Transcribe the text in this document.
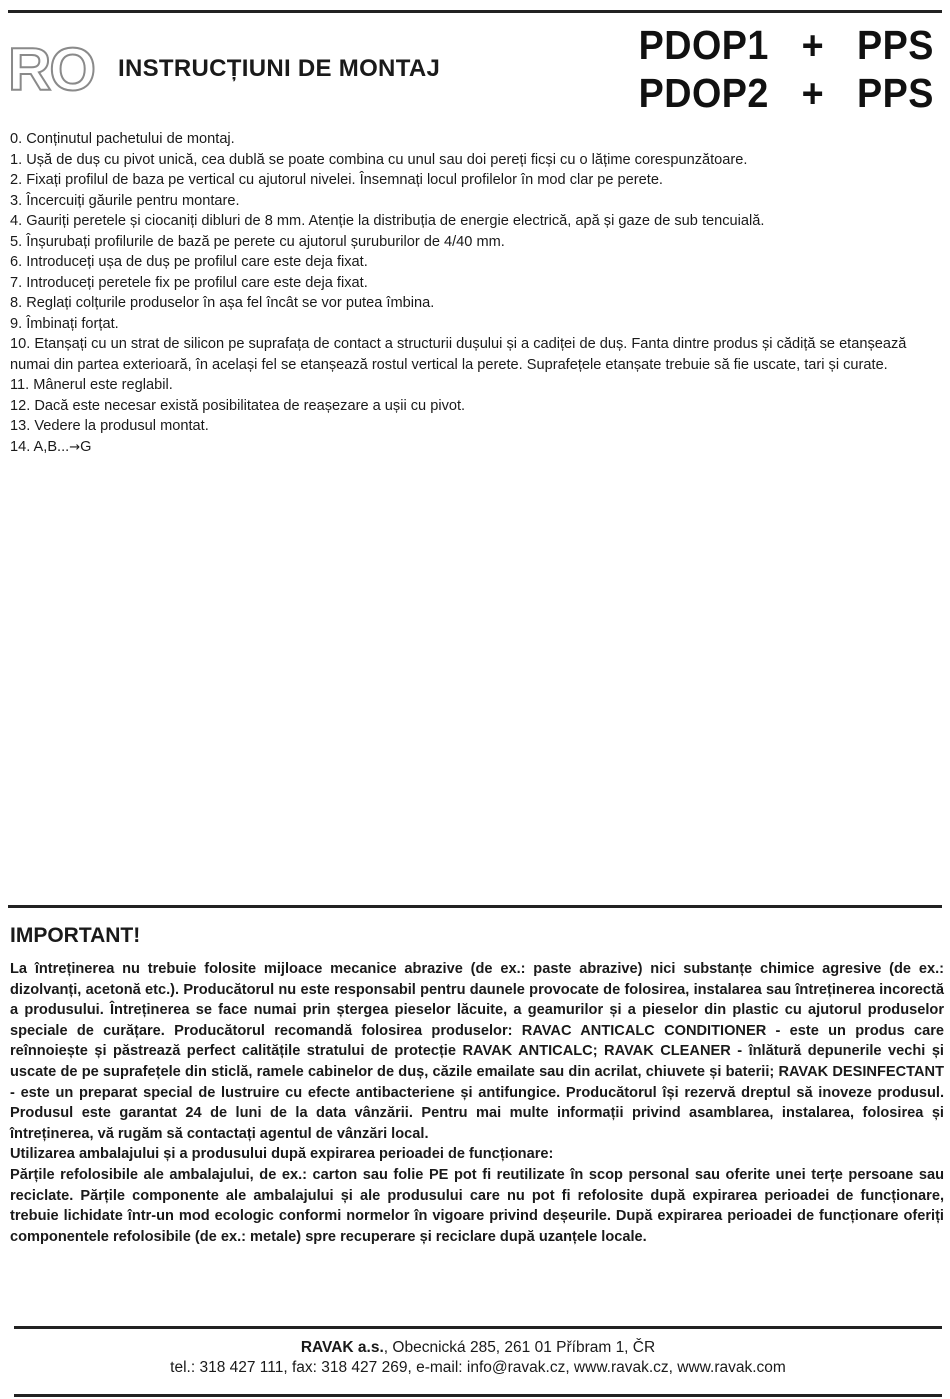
RO INSTRUCȚIUNI DE MONTAJ
PDOP1   +   PPS
PDOP2   +   PPS
0. Conținutul pachetului de montaj.
1. Ușă de duș cu pivot unică, cea dublă se poate combina cu unul sau doi pereți ficși cu o lățime corespunzătoare.
2. Fixați profilul de baza pe vertical cu ajutorul nivelei. Însemnați locul profilelor în mod clar pe perete.
3. Încercuiți găurile pentru montare.
4. Gauriți peretele și ciocaniți dibluri de 8 mm. Atenție la distribuția de energie electrică, apă și gaze de sub tencuială.
5. Înșurubați profilurile de bază pe perete cu ajutorul șuruburilor de 4/40 mm.
6. Introduceți ușa de duș pe profilul care este deja fixat.
7. Introduceți peretele fix pe profilul care este deja fixat.
8. Reglați colțurile produselor în așa fel încât se vor putea îmbina.
9. Îmbinați forțat.
10. Etanșați cu un strat de silicon pe suprafața de contact a structurii dușului și a cadiței de duș. Fanta dintre produs și cădiță se etanșează numai din partea exterioară, în același fel se etanșează rostul vertical la perete. Suprafețele etanșate trebuie să fie uscate, tari și curate.
11. Mânerul este reglabil.
12. Dacă este necesar există posibilitatea de reașezare a ușii cu pivot.
13. Vedere la produsul montat.
14. A,B...→G
IMPORTANT!

La întreținerea nu trebuie folosite mijloace mecanice abrazive (de ex.: paste abrazive) nici substanțe chimice agresive (de ex.: dizolvanți, acetonă etc.). Producătorul nu este responsabil pentru daunele provocate de folosirea, instalarea sau întreținerea incorectă a produsului. Întreținerea se face numai prin ștergea pieselor lăcuite, a geamurilor și a pieselor din plastic cu ajutorul produselor speciale de curățare. Producătorul recomandă folosirea produselor: RAVAC ANTICALC CONDITIONER - este un produs care reînnoiește și păstrează perfect calitățile stratului de protecție RAVAK ANTICALC; RAVAK CLEANER - înlătură depunerile vechi și uscate de pe suprafețele din sticlă, ramele cabinelor de duș, căzile emailate sau din acrilat, chiuvete și baterii; RAVAK DESINFECTANT - este un preparat special de lustruire cu efecte antibacteriene și antifungice. Producătorul își rezervă dreptul să inoveze produsul. Produsul este garantat 24 de luni de la data vânzării. Pentru mai multe informații privind asamblarea, instalarea, folosirea și întreținerea, vă rugăm să contactați agentul de vânzări local.

Utilizarea ambalajului și a produsului după expirarea perioadei de funcționare:

Părțile refolosibile ale ambalajului, de ex.: carton sau folie PE pot fi reutilizate în scop personal sau oferite unei terțe persoane sau reciclate. Părțile componente ale ambalajului și ale produsului care nu pot fi refolosite după expirarea perioadei de funcționare, trebuie lichidate într-un mod ecologic conformi normelor în vigoare privind deșeurile. După expirarea perioadei de funcționare oferiți componentele refolosibile (de ex.: metale) spre recuperare și reciclare după uzanțele locale.

RAVAK a.s., Obecnická 285, 261 01 Příbram 1, ČR
tel.: 318 427 111, fax: 318 427 269, e-mail: info@ravak.cz, www.ravak.cz, www.ravak.com
